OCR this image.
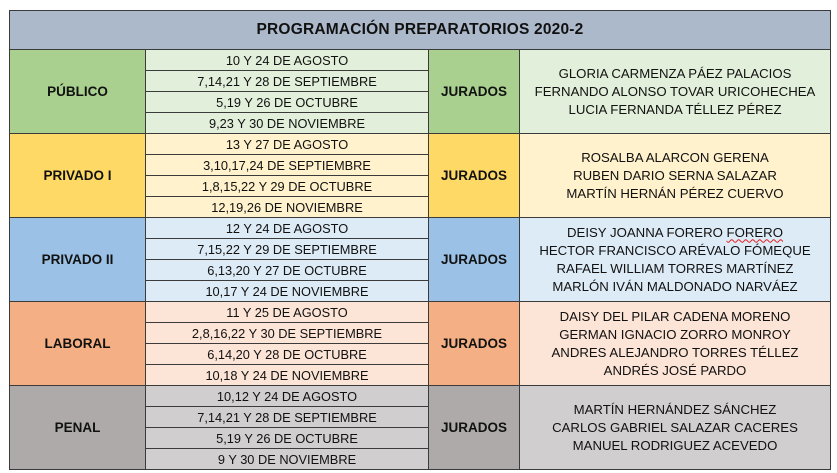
PROGRAMACIÓN PREPARATORIOS 2020-2			
PÚBLICO	10 Y 24 DE AGOSTO	JURADOS	GLORIA CARMENZA PÁEZ PALACIOS
FERNANDO ALONSO TOVAR URICOHECHEA
LUCIA FERNANDA TÉLLEZ PÉREZ

	7,14,21 Y 28 DE SEPTIEMBRE		
	5,19 Y 26 DE OCTUBRE		
	9,23 Y 30 DE NOVIEMBRE		
PRIVADO I	13 Y 27 DE AGOSTO	JURADOS	ROSALBA ALARCON GERENA
RUBEN DARIO SERNA SALAZAR
MARTÍN HERNÁN PÉREZ CUERVO

	3,10,17,24 DE SEPTIEMBRE		
	1,8,15,22 Y 29 DE OCTUBRE		
	12,19,26 DE NOVIEMBRE		
PRIVADO II	12 Y 24 DE AGOSTO	JURADOS	DEISY JOANNA FORERO FORERO
HECTOR FRANCISCO ARÉVALO FÓMEQUE
RAFAEL WILLIAM TORRES MARTÍNEZ
MARLÓN IVÁN MALDONADO NARVÁEZ

	7,15,22 Y 29 DE SEPTIEMBRE		
	6,13,20 Y 27 DE OCTUBRE		
	10,17 Y 24 DE NOVIEMBRE		
LABORAL	11 Y 25 DE AGOSTO	JURADOS	DAISY DEL PILAR CADENA MORENO
GERMAN IGNACIO ZORRO MONROY
ANDRES ALEJANDRO TORRES TÉLLEZ
ANDRÉS JOSÉ PARDO

	2,8,16,22 Y 30 DE SEPTIEMBRE		
	6,14,20 Y 28 DE OCTUBRE		
	10,18 Y 24 DE NOVIEMBRE		
PENAL	10,12 Y 24 DE AGOSTO	JURADOS	MARTÍN HERNÁNDEZ SÁNCHEZ
CARLOS GABRIEL SALAZAR CACERES
MANUEL RODRIGUEZ ACEVEDO

	7,14,21 Y 28 DE SEPTIEMBRE		
	5,19 Y 26 DE OCTUBRE		
	9 Y 30 DE NOVIEMBRE		
